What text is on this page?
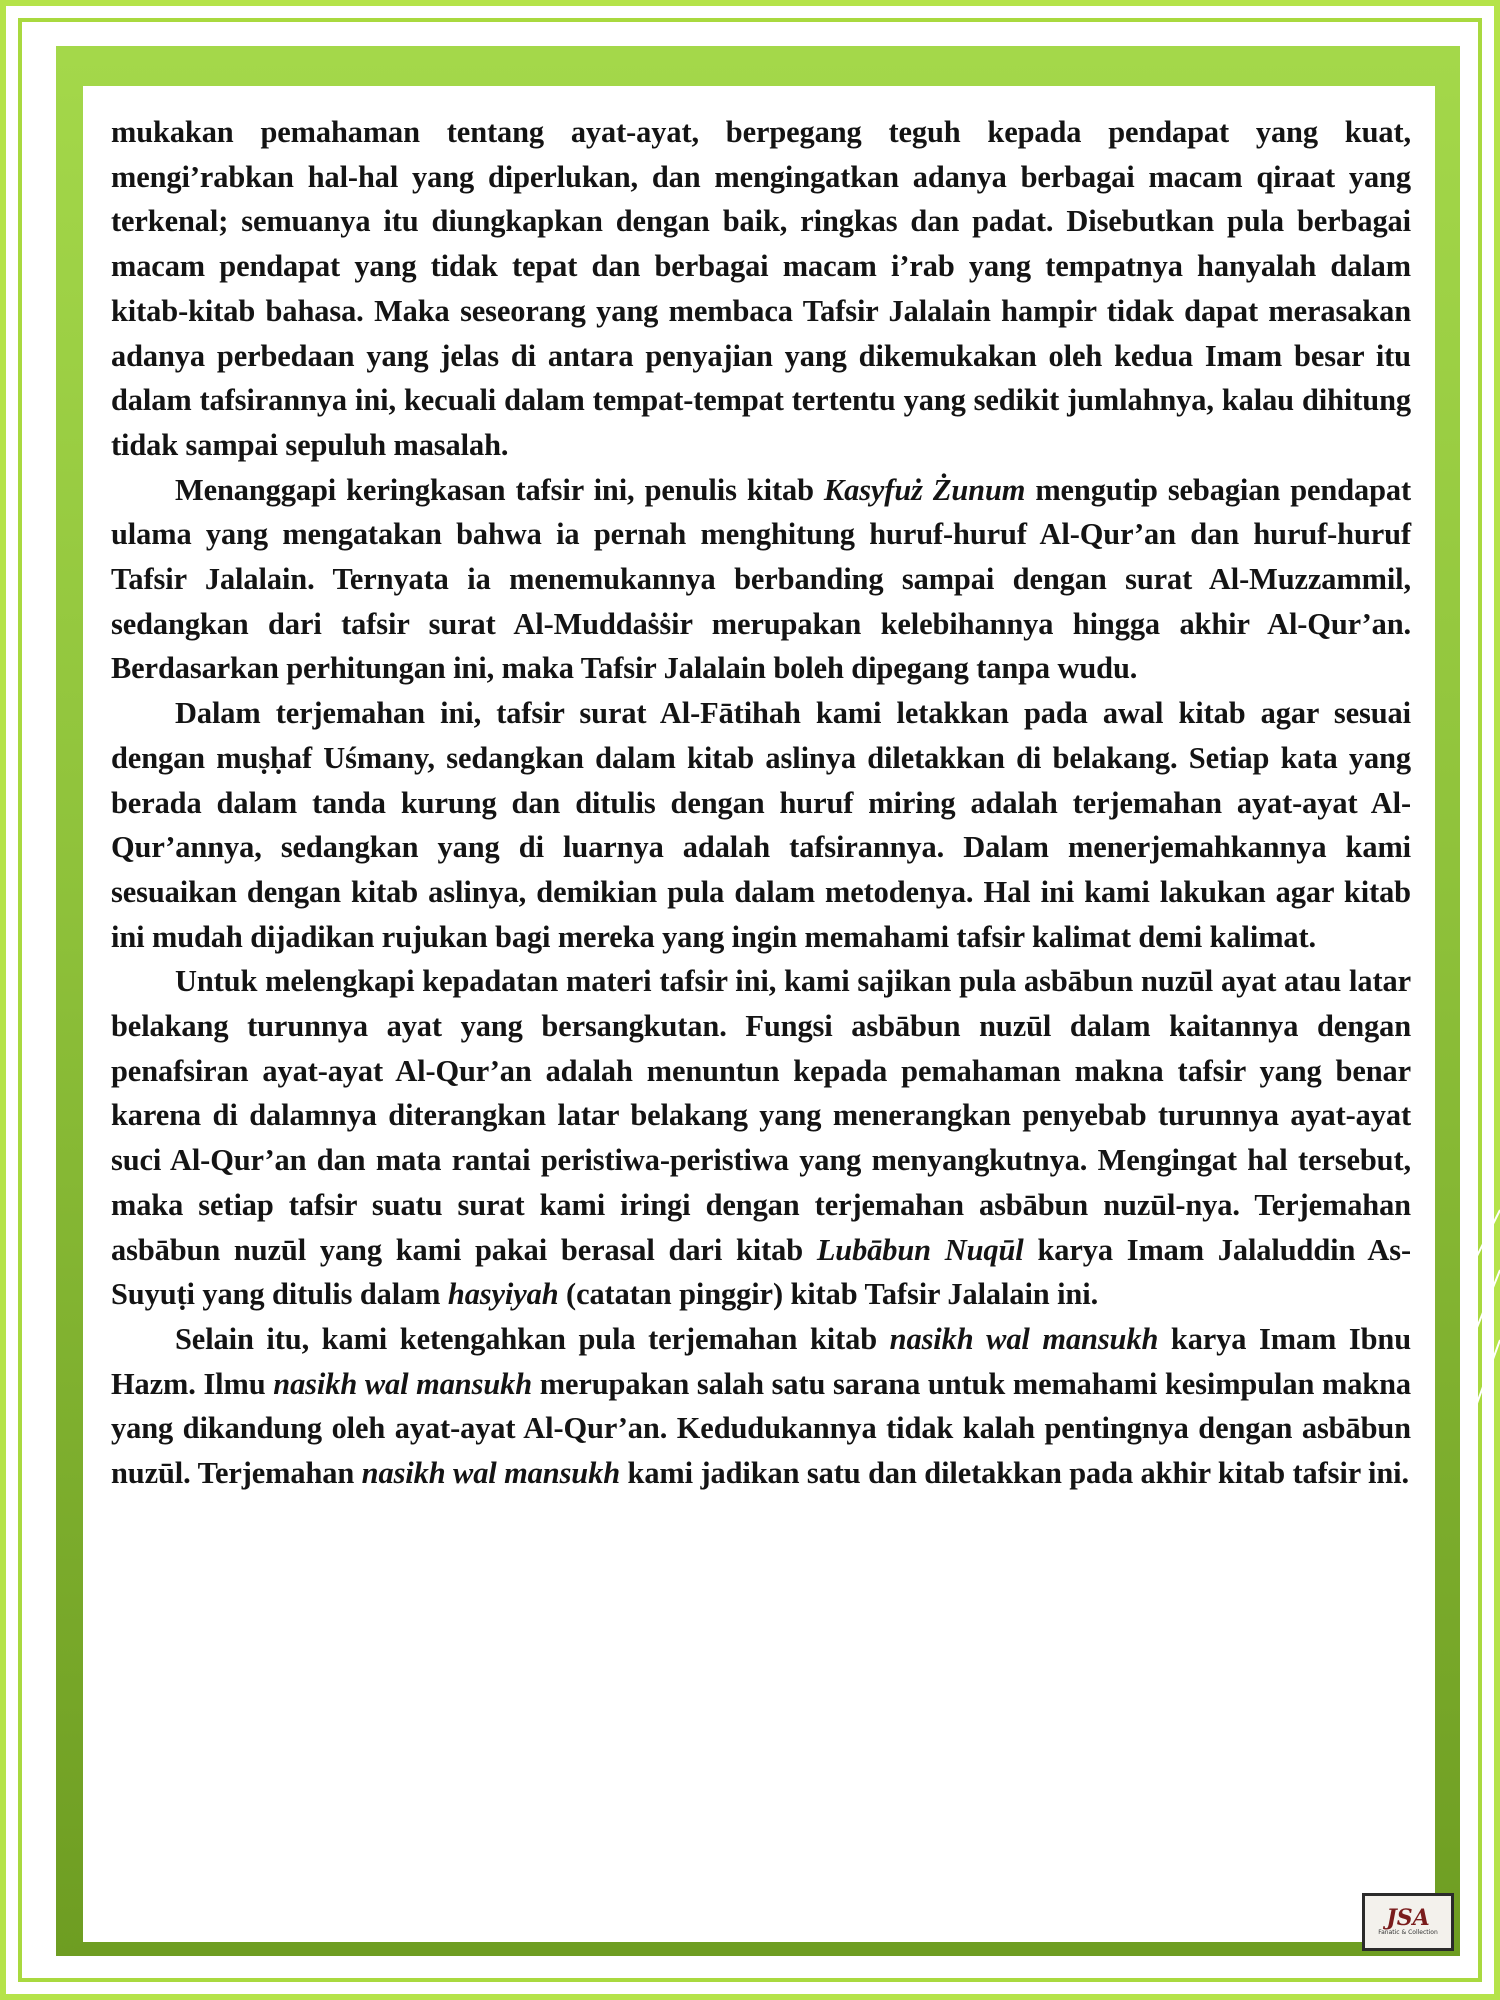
mukakan pemahaman tentang ayat-ayat, berpegang teguh kepada pendapat yang kuat, mengi’rabkan hal-hal yang diperlukan, dan mengingatkan adanya berbagai macam qiraat yang terkenal; semuanya itu diungkapkan dengan baik, ringkas dan padat. Disebutkan pula berbagai macam pendapat yang tidak tepat dan berbagai macam i’rab yang tempatnya hanyalah dalam kitab-kitab bahasa. Maka seseorang yang membaca Tafsir Jalalain hampir tidak dapat merasakan adanya perbedaan yang jelas di antara penyajian yang dikemukakan oleh kedua Imam besar itu dalam tafsirannya ini, kecuali dalam tempat-tempat tertentu yang sedikit jumlahnya, kalau dihitung tidak sampai sepuluh masalah.

Menanggapi keringkasan tafsir ini, penulis kitab Kasyfuż Żunum mengutip sebagian pendapat ulama yang mengatakan bahwa ia pernah menghitung huruf-huruf Al-Qur’an dan huruf-huruf Tafsir Jalalain. Ternyata ia menemukannya berbanding sampai dengan surat Al-Muzzammil, sedangkan dari tafsir surat Al-Muddaṡṡir merupakan kelebihannya hingga akhir Al-Qur’an. Berdasarkan perhitungan ini, maka Tafsir Jalalain boleh dipegang tanpa wudu.

Dalam terjemahan ini, tafsir surat Al-Fātihah kami letakkan pada awal kitab agar sesuai dengan muṣḥaf Uśmany, sedangkan dalam kitab aslinya diletakkan di belakang. Setiap kata yang berada dalam tanda kurung dan ditulis dengan huruf miring adalah terjemahan ayat-ayat Al-Qur’annya, sedangkan yang di luarnya adalah tafsirannya. Dalam menerjemahkannya kami sesuaikan dengan kitab aslinya, demikian pula dalam metodenya. Hal ini kami lakukan agar kitab ini mudah dijadikan rujukan bagi mereka yang ingin memahami tafsir kalimat demi kalimat.

Untuk melengkapi kepadatan materi tafsir ini, kami sajikan pula asbābun nuzūl ayat atau latar belakang turunnya ayat yang bersangkutan. Fungsi asbābun nuzūl dalam kaitannya dengan penafsiran ayat-ayat Al-Qur’an adalah menuntun kepada pemahaman makna tafsir yang benar karena di dalamnya diterangkan latar belakang yang menerangkan penyebab turunnya ayat-ayat suci Al-Qur’an dan mata rantai peristiwa-peristiwa yang menyangkutnya. Mengingat hal tersebut, maka setiap tafsir suatu surat kami iringi dengan terjemahan asbābun nuzūl-nya. Terjemahan asbābun nuzūl yang kami pakai berasal dari kitab Lubābun Nuqūl karya Imam Jalaluddin As-Suyuṭi yang ditulis dalam hasyiyah (catatan pinggir) kitab Tafsir Jalalain ini.

Selain itu, kami ketengahkan pula terjemahan kitab nasikh wal mansukh karya Imam Ibnu Hazm. Ilmu nasikh wal mansukh merupakan salah satu sarana untuk memahami kesimpulan makna yang dikandung oleh ayat-ayat Al-Qur’an. Kedudukannya tidak kalah pentingnya dengan asbābun nuzūl. Terjemahan nasikh wal mansukh kami jadikan satu dan diletakkan pada akhir kitab tafsir ini.

JSA
Fanatic & Collection
